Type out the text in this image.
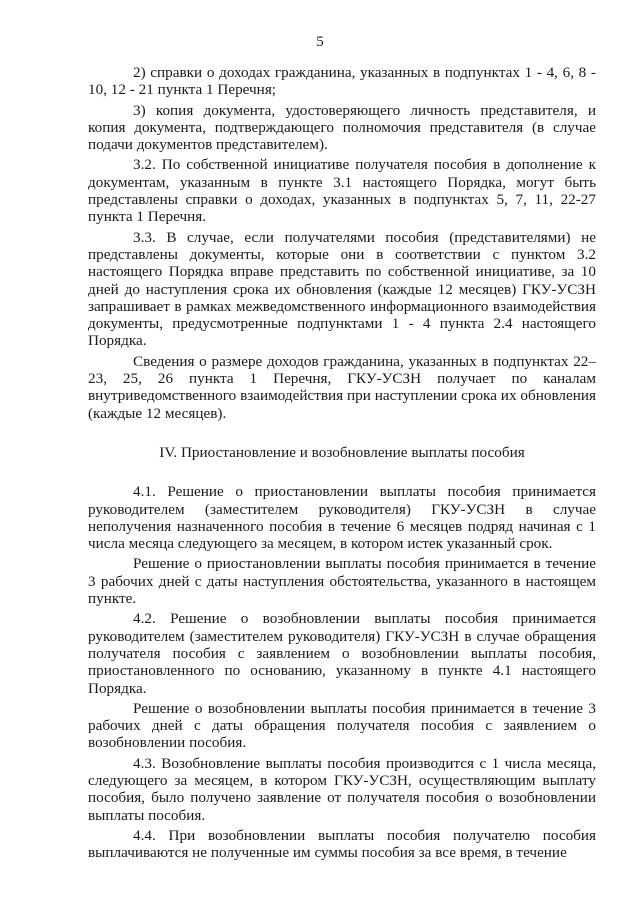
5

2) справки о доходах гражданина, указанных в подпунктах 1 - 4, 6, 8 - 10, 12 - 21 пункта 1 Перечня;

3) копия документа, удостоверяющего личность представителя, и копия документа, подтверждающего полномочия представителя (в случае подачи документов представителем).

3.2. По собственной инициативе получателя пособия в дополнение к документам, указанным в пункте 3.1 настоящего Порядка, могут быть представлены справки о доходах, указанных в подпунктах 5, 7, 11, 22-27 пункта 1 Перечня.

3.3. В случае, если получателями пособия (представителями) не представлены документы, которые они в соответствии с пунктом 3.2 настоящего Порядка вправе представить по собственной инициативе, за 10 дней до наступления срока их обновления (каждые 12 месяцев) ГКУ-УСЗН запрашивает в рамках межведомственного информационного взаимодействия документы, предусмотренные подпунктами 1 - 4 пункта 2.4 настоящего Порядка.

Сведения о размере доходов гражданина, указанных в подпунктах 22–23, 25, 26 пункта 1 Перечня, ГКУ-УСЗН получает по каналам внутриведомственного взаимодействия при наступлении срока их обновления (каждые 12 месяцев).

IV. Приостановление и возобновление выплаты пособия

4.1. Решение о приостановлении выплаты пособия принимается руководителем (заместителем руководителя) ГКУ-УСЗН в случае неполучения назначенного пособия в течение 6 месяцев подряд начиная с 1 числа месяца следующего за месяцем, в котором истек указанный срок.

Решение о приостановлении выплаты пособия принимается в течение 3 рабочих дней с даты наступления обстоятельства, указанного в настоящем пункте.

4.2. Решение о возобновлении выплаты пособия принимается руководителем (заместителем руководителя) ГКУ-УСЗН в случае обращения получателя пособия с заявлением о возобновлении выплаты пособия, приостановленного по основанию, указанному в пункте 4.1 настоящего Порядка.

Решение о возобновлении выплаты пособия принимается в течение 3 рабочих дней с даты обращения получателя пособия с заявлением о возобновлении пособия.

4.3. Возобновление выплаты пособия производится с 1 числа месяца, следующего за месяцем, в котором ГКУ-УСЗН, осуществляющим выплату пособия, было получено заявление от получателя пособия о возобновлении выплаты пособия.

4.4. При возобновлении выплаты пособия получателю пособия выплачиваются не полученные им суммы пособия за все время, в течение
